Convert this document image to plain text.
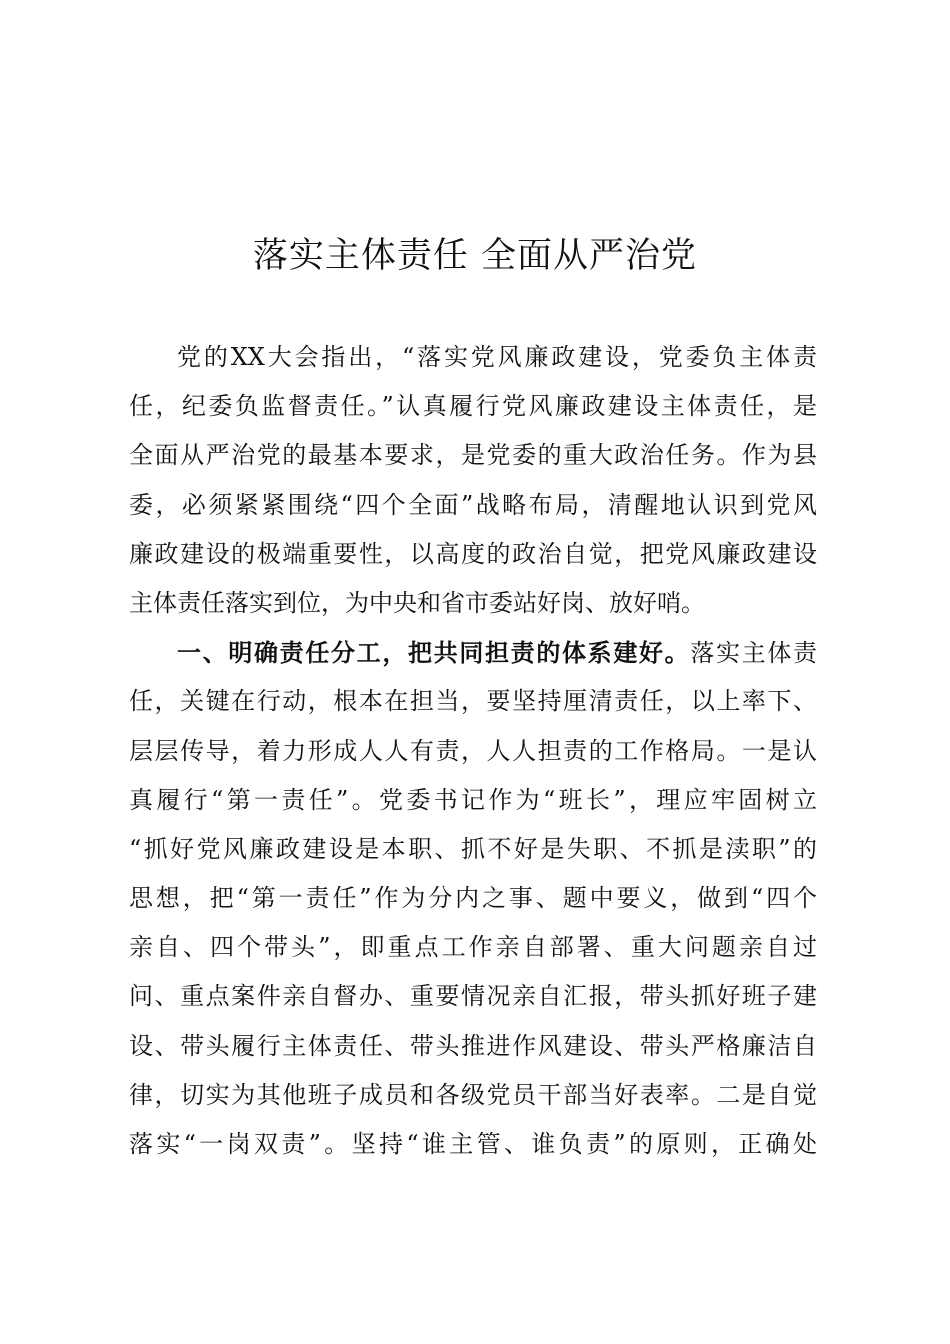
落实主体责任 全面从严治党
党的XX大会指出，“落实党风廉政建设，党委负主体责
任，纪委负监督责任。”认真履行党风廉政建设主体责任，是
全面从严治党的最基本要求，是党委的重大政治任务。作为县
委，必须紧紧围绕“四个全面”战略布局，清醒地认识到党风
廉政建设的极端重要性，以高度的政治自觉，把党风廉政建设
主体责任落实到位，为中央和省市委站好岗、放好哨。
一、明确责任分工，把共同担责的体系建好。落实主体责
任，关键在行动，根本在担当，要坚持厘清责任，以上率下、
层层传导，着力形成人人有责，人人担责的工作格局。一是认
真履行“第一责任”。党委书记作为“班长”，理应牢固树立
“抓好党风廉政建设是本职、抓不好是失职、不抓是渎职”的
思想，把“第一责任”作为分内之事、题中要义，做到“四个
亲自、四个带头”，即重点工作亲自部署、重大问题亲自过
问、重点案件亲自督办、重要情况亲自汇报，带头抓好班子建
设、带头履行主体责任、带头推进作风建设、带头严格廉洁自
律，切实为其他班子成员和各级党员干部当好表率。二是自觉
落实“一岗双责”。坚持“谁主管、谁负责”的原则，正确处
